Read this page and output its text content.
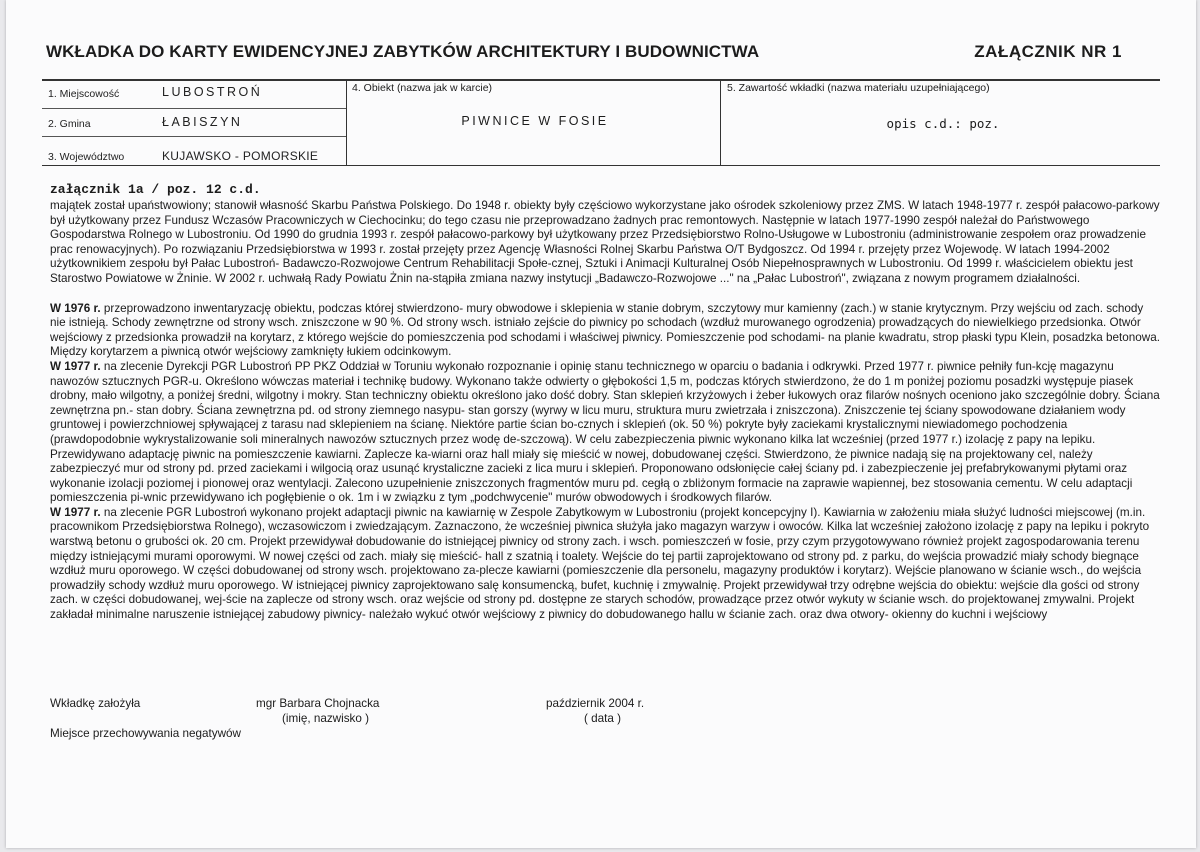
WKŁADKA DO KARTY EWIDENCYJNEJ ZABYTKÓW ARCHITEKTURY I BUDOWNICTWA	ZAŁĄCZNIK NR 1
1. Miejscowość	LUBOSTROŃ
2. Gmina	ŁABISZYN
3. Województwo	KUJAWSKO - POMORSKIE
4. Obiekt (nazwa jak w karcie)
PIWNICE W FOSIE
5. Zawartość wkładki (nazwa materiału uzupełniającego)
opis c.d.: poz.
załącznik 1a / poz. 12 c.d.

majątek został upaństwowiony; stanowił własność Skarbu Państwa Polskiego. Do 1948 r. obiekty były częściowo wykorzystane jako ośrodek szkoleniowy przez ZMS. W latach 1948-1977 r. zespół pałacowo-parkowy był użytkowany przez Fundusz Wczasów Pracowniczych w Ciechocinku; do tego czasu nie przeprowadzano żadnych prac remontowych. Następnie w latach 1977-1990 zespół należał do Państwowego Gospodarstwa Rolnego w Lubostroniu. Od 1990 do grudnia 1993 r. zespół pałacowo-parkowy był użytkowany przez Przedsiębiorstwo Rolno-Usługowe w Lubostroniu (administrowanie zespołem oraz prowadzenie prac renowacyjnych). Po rozwiązaniu Przedsiębiorstwa w 1993 r. został przejęty przez Agencję Własności Rolnej Skarbu Państwa O/T Bydgoszcz. Od 1994 r. przejęty przez Wojewodę. W latach 1994-2002 użytkownikiem zespołu był Pałac Lubostroń- Badawczo-Rozwojowe Centrum Rehabilitacji Społe-cznej, Sztuki i Animacji Kulturalnej Osób Niepełnosprawnych w Lubostroniu. Od 1999 r. właścicielem obiektu jest Starostwo Powiatowe w Żninie. W 2002 r. uchwałą Rady Powiatu Żnin na-stąpiła zmiana nazwy instytucji „Badawczo-Rozwojowe ..." na „Pałac Lubostroń", związana z nowym programem działalności.

W 1976 r. przeprowadzono inwentaryzację obiektu, podczas której stwierdzono- mury obwodowe i sklepienia w stanie dobrym, szczytowy mur kamienny (zach.) w stanie krytycznym. Przy wejściu od zach. schody nie istnieją. Schody zewnętrzne od strony wsch. zniszczone w 90 %. Od strony wsch. istniało zejście do piwnicy po schodach (wzdłuż murowanego ogrodzenia) prowadzących do niewielkiego przedsionka. Otwór wejściowy z przedsionka prowadził na korytarz, z którego wejście do pomieszczenia pod schodami i właściwej piwnicy. Pomieszczenie pod schodami- na planie kwadratu, strop płaski typu Klein, posadzka betonowa. Między korytarzem a piwnicą otwór wejściowy zamknięty łukiem odcinkowym.
W 1977 r. na zlecenie Dyrekcji PGR Lubostroń PP PKZ Oddział w Toruniu wykonało rozpoznanie i opinię stanu technicznego w oparciu o badania i odkrywki. Przed 1977 r. piwnice pełniły fun-kcję magazynu nawozów sztucznych PGR-u. Określono wówczas materiał i technikę budowy. Wykonano także odwierty o głębokości 1,5 m, podczas których stwierdzono, że do 1 m poniżej poziomu posadzki występuje piasek drobny, mało wilgotny, a poniżej średni, wilgotny i mokry. Stan techniczny obiektu określono jako dość dobry. Stan sklepień krzyżowych i żeber łukowych oraz filarów nośnych oceniono jako szczególnie dobry. Ściana zewnętrzna pn.- stan dobry. Ściana zewnętrzna pd. od strony ziemnego nasypu- stan gorszy (wyrwy w licu muru, struktura muru zwietrzała i zniszczona). Zniszczenie tej ściany spowodowane działaniem wody gruntowej i powierzchniowej spływającej z tarasu nad sklepieniem na ścianę. Niektóre partie ścian bo-cznych i sklepień (ok. 50 %) pokryte były zaciekami krystalicznymi niewiadomego pochodzenia (prawdopodobnie wykrystalizowanie soli mineralnych nawozów sztucznych przez wodę de-szczową). W celu zabezpieczenia piwnic wykonano kilka lat wcześniej (przed 1977 r.) izolację z papy na lepiku. Przewidywano adaptację piwnic na pomieszczenie kawiarni. Zaplecze ka-wiarni oraz hall miały się mieścić w nowej, dobudowanej części. Stwierdzono, że piwnice nadają się na projektowany cel, należy zabezpieczyć mur od strony pd. przed zaciekami i wilgocią oraz usunąć krystaliczne zacieki z lica muru i sklepień. Proponowano odsłonięcie całej ściany pd. i zabezpieczenie jej prefabrykowanymi płytami oraz wykonanie izolacji poziomej i pionowej oraz wentylacji. Zalecono uzupełnienie zniszczonych fragmentów muru pd. cegłą o zbliżonym formacie na zaprawie wapiennej, bez stosowania cementu. W celu adaptacji pomieszczenia pi-wnic przewidywano ich pogłębienie o ok. 1m i w związku z tym „podchwycenie" murów obwodowych i środkowych filarów.
W 1977 r. na zlecenie PGR Lubostroń wykonano projekt adaptacji piwnic na kawiarnię w Zespole Zabytkowym w Lubostroniu (projekt koncepcyjny I). Kawiarnia w założeniu miała służyć ludności miejscowej (m.in. pracownikom Przedsiębiorstwa Rolnego), wczasowiczom i zwiedzającym. Zaznaczono, że wcześniej piwnica służyła jako magazyn warzyw i owoców. Kilka lat wcześniej założono izolację z papy na lepiku i pokryto warstwą betonu o grubości ok. 20 cm. Projekt przewidywał dobudowanie do istniejącej piwnicy od strony zach. i wsch. pomieszczeń w fosie, przy czym przygotowywano również projekt zagospodarowania terenu między istniejącymi murami oporowymi. W nowej części od zach. miały się mieścić- hall z szatnią i toalety. Wejście do tej partii zaprojektowano od strony pd. z parku, do wejścia prowadzić miały schody biegnące wzdłuż muru oporowego. W części dobudowanej od strony wsch. projektowano za-plecze kawiarni (pomieszczenie dla personelu, magazyny produktów i korytarz). Wejście planowano w ścianie wsch., do wejścia prowadziły schody wzdłuż muru oporowego. W istniejącej piwnicy zaprojektowano salę konsumencką, bufet, kuchnię i zmywalnię. Projekt przewidywał trzy odrębne wejścia do obiektu: wejście dla gości od strony zach. w części dobudowanej, wej-ście na zaplecze od strony wsch. oraz wejście od strony pd. dostępne ze starych schodów, prowadzące przez otwór wykuty w ścianie wsch. do projektowanej zmywalni. Projekt zakładał minimalne naruszenie istniejącej zabudowy piwnicy- należało wykuć otwór wejściowy z piwnicy do dobudowanego hallu w ścianie zach. oraz dwa otwory- okienny do kuchni i wejściowy
Wkładkę założyła	mgr Barbara Chojnacka
(imię, nazwisko )
październik 2004 r.
( data )
Miejsce przechowywania negatywów
